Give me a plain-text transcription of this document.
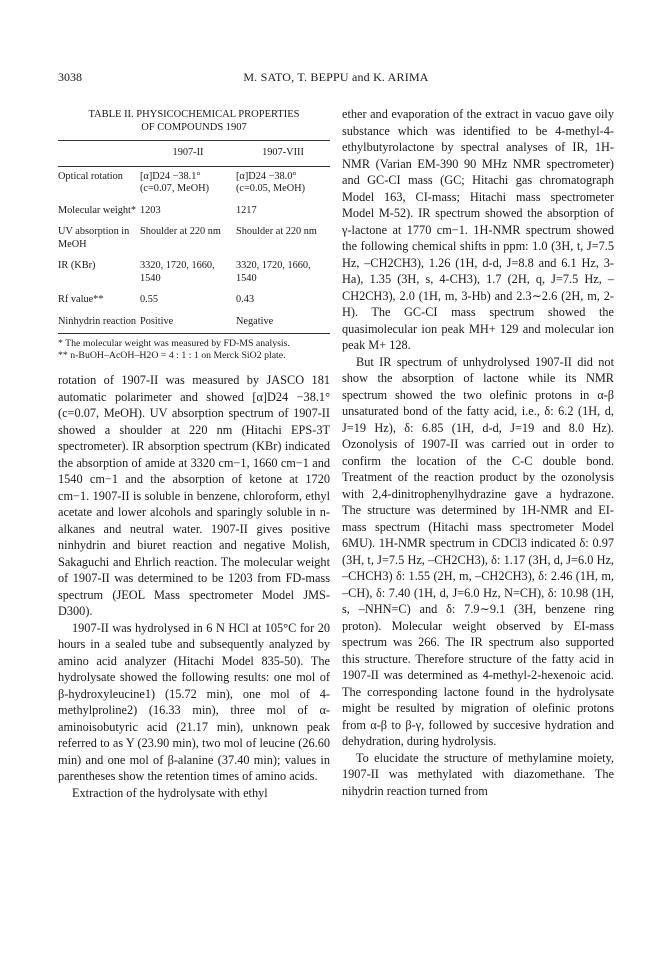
3038	M. SATO, T. BEPPU and K. ARIMA
TABLE II. PHYSICOCHEMICAL PROPERTIES
OF COMPOUNDS 1907
	1907-II	1907-VIII
Optical rotation	[α]D24 −38.1° (c=0.07, MeOH)	[α]D24 −38.0° (c=0.05, MeOH)
Molecular weight*	1203	1217
UV absorption in MeOH	Shoulder at 220 nm	Shoulder at 220 nm
IR (KBr)	3320, 1720, 1660, 1540	3320, 1720, 1660, 1540
Rf value**	0.55	0.43
Ninhydrin reaction	Positive	Negative
* The molecular weight was measured by FD-MS analysis.
** n-BuOH–AcOH–H2O = 4 : 1 : 1 on Merck SiO2 plate.

rotation of 1907-II was measured by JASCO 181 automatic polarimeter and showed [α]D24 −38.1° (c=0.07, MeOH). UV absorption spectrum of 1907-II showed a shoulder at 220 nm (Hitachi EPS-3T spectrometer). IR absorption spectrum (KBr) indicated the absorption of amide at 3320 cm−1, 1660 cm−1 and 1540 cm−1 and the absorption of ketone at 1720 cm−1. 1907-II is soluble in benzene, chloroform, ethyl acetate and lower alcohols and sparingly soluble in n-alkanes and neutral water. 1907-II gives positive ninhydrin and biuret reaction and negative Molish, Sakaguchi and Ehrlich reaction. The molecular weight of 1907-II was determined to be 1203 from FD-mass spectrum (JEOL Mass spectrometer Model JMS-D300).

1907-II was hydrolysed in 6 N HCl at 105°C for 20 hours in a sealed tube and subsequently analyzed by amino acid analyzer (Hitachi Model 835-50). The hydrolysate showed the following results: one mol of β-hydroxyleucine1) (15.72 min), one mol of 4-methylproline2) (16.33 min), three mol of α-aminoisobutyric acid (21.17 min), unknown peak referred to as Y (23.90 min), two mol of leucine (26.60 min) and one mol of β-alanine (37.40 min); values in parentheses show the retention times of amino acids.

Extraction of the hydrolysate with ethyl

ether and evaporation of the extract in vacuo gave oily substance which was identified to be 4-methyl-4-ethylbutyrolactone by spectral analyses of IR, 1H-NMR (Varian EM-390 90 MHz NMR spectrometer) and GC-CI mass (GC; Hitachi gas chromatograph Model 163, CI-mass; Hitachi mass spectrometer Model M-52). IR spectrum showed the absorption of γ-lactone at 1770 cm−1. 1H-NMR spectrum showed the following chemical shifts in ppm: 1.0 (3H, t, J=7.5 Hz, –CH2CH3), 1.26 (1H, d-d, J=8.8 and 6.1 Hz, 3-Ha), 1.35 (3H, s, 4-CH3), 1.7 (2H, q, J=7.5 Hz, –CH2CH3), 2.0 (1H, m, 3-Hb) and 2.3∼2.6 (2H, m, 2-H). The GC-CI mass spectrum showed the quasimolecular ion peak MH+ 129 and molecular ion peak M+ 128.

But IR spectrum of unhydrolysed 1907-II did not show the absorption of lactone while its NMR spectrum showed the two olefinic protons in α-β unsaturated bond of the fatty acid, i.e., δ: 6.2 (1H, d, J=19 Hz), δ: 6.85 (1H, d-d, J=19 and 8.0 Hz). Ozonolysis of 1907-II was carried out in order to confirm the location of the C-C double bond. Treatment of the reaction product by the ozonolysis with 2,4-dinitrophenylhydrazine gave a hydrazone. The structure was determined by 1H-NMR and EI-mass spectrum (Hitachi mass spectrometer Model 6MU). 1H-NMR spectrum in CDCl3 indicated δ: 0.97 (3H, t, J=7.5 Hz, –CH2CH3), δ: 1.17 (3H, d, J=6.0 Hz, –CHCH3) δ: 1.55 (2H, m, –CH2CH3), δ: 2.46 (1H, m, –CH), δ: 7.40 (1H, d, J=6.0 Hz, N=CH), δ: 10.98 (1H, s, –NHN=C) and δ: 7.9∼9.1 (3H, benzene ring proton). Molecular weight observed by EI-mass spectrum was 266. The IR spectrum also supported this structure. Therefore structure of the fatty acid in 1907-II was determined as 4-methyl-2-hexenoic acid. The corresponding lactone found in the hydrolysate might be resulted by migration of olefinic protons from α-β to β-γ, followed by succesive hydration and dehydration, during hydrolysis.

To elucidate the structure of methylamine moiety, 1907-II was methylated with diazomethane. The nihydrin reaction turned from
